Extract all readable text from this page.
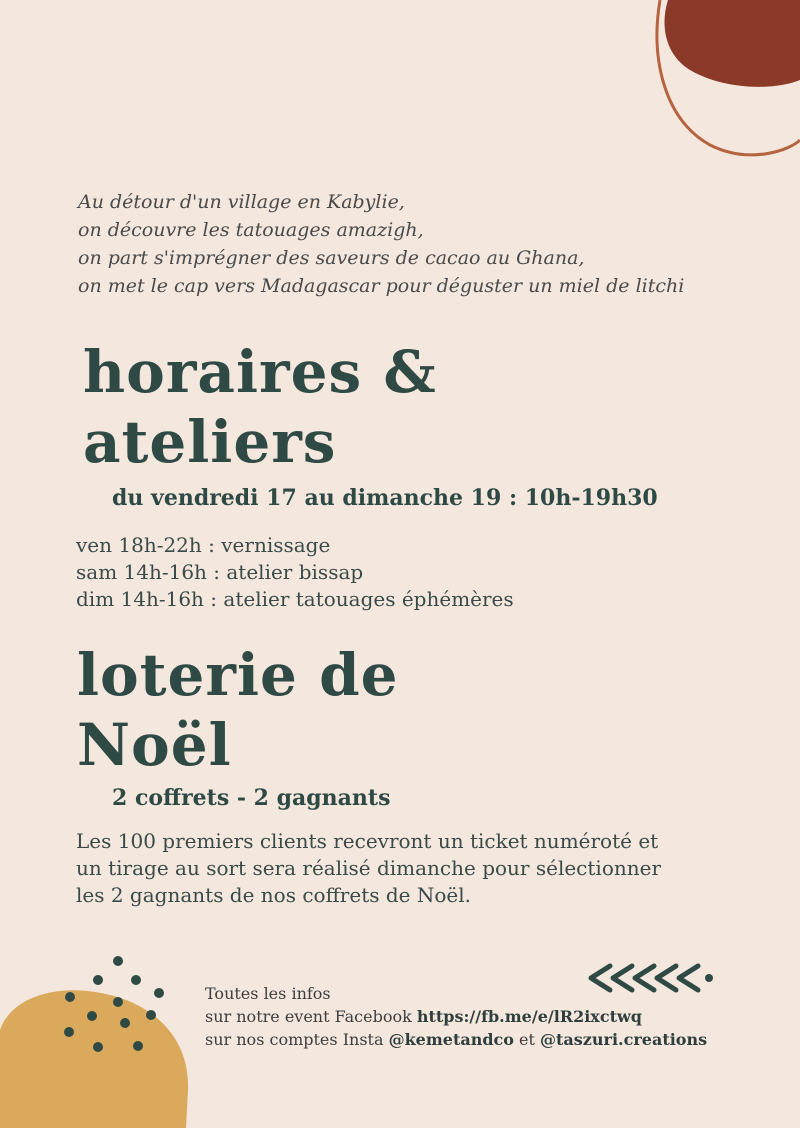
Au détour d'un village en Kabylie,
on découvre les tatouages amazigh,
on part s'imprégner des saveurs de cacao au Ghana,
on met le cap vers Madagascar pour déguster un miel de litchi
horaires &
ateliers
du vendredi 17 au dimanche 19 : 10h-19h30
ven 18h-22h : vernissage
sam 14h-16h : atelier bissap
dim 14h-16h : atelier tatouages éphémères
loterie de
Noël
2 coffrets - 2 gagnants
Les 100 premiers clients recevront un ticket numéroté et
un tirage au sort sera réalisé dimanche pour sélectionner
les 2 gagnants de nos coffrets de Noël.
Toutes les infos
sur notre event Facebook https://fb.me/e/lR2ixctwq
sur nos comptes Insta @kemetandco et @taszuri.creations
